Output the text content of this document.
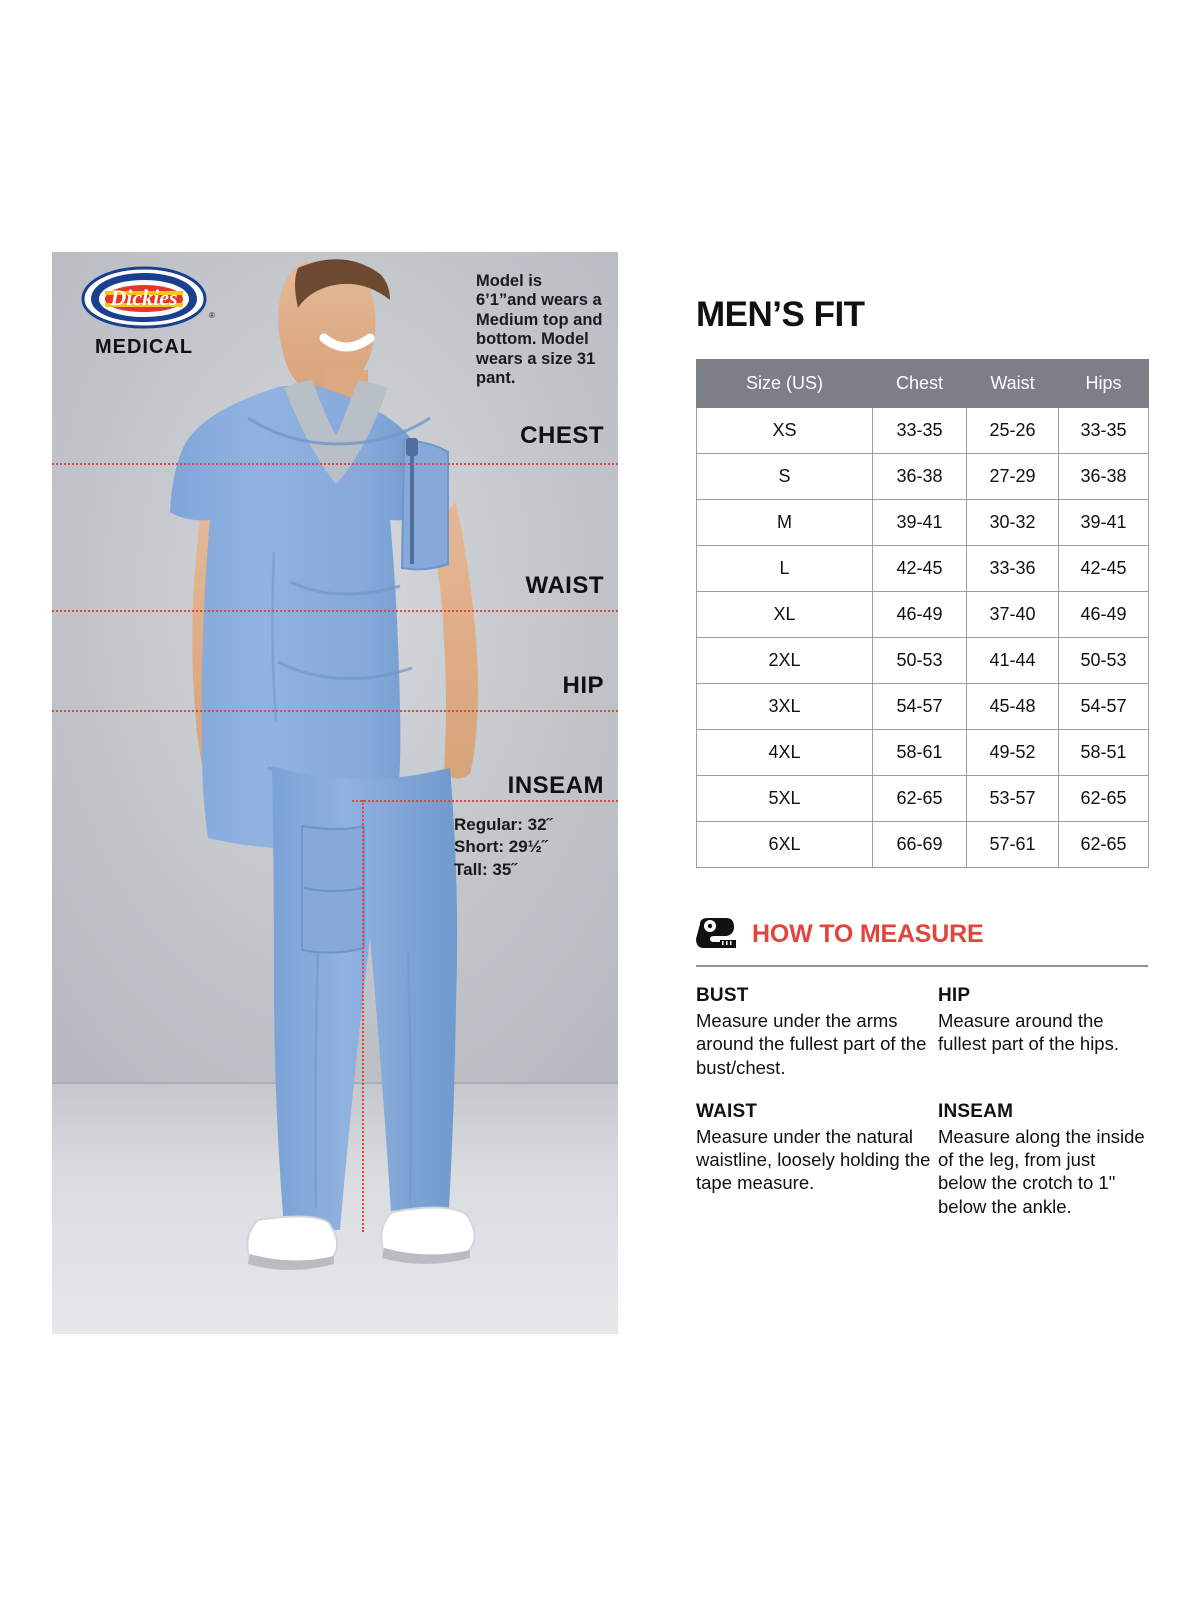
Dickies
®
MEDICAL
Model is 6’1”and wears a Medium top and bottom. Model wears a size 31 pant.
CHEST
WAIST
HIP
INSEAM
Regular: 32˝
Short: 29½˝
Tall: 35˝
MEN’S FIT
Size (US)	Chest	Waist	Hips
XS	33-35	25-26	33-35
S	36-38	27-29	36-38
M	39-41	30-32	39-41
L	42-45	33-36	42-45
XL	46-49	37-40	46-49
2XL	50-53	41-44	50-53
3XL	54-57	45-48	54-57
4XL	58-61	49-52	58-51
5XL	62-65	53-57	62-65
6XL	66-69	57-61	62-65
HOW TO MEASURE
BUST

Measure under the arms around the fullest part of the bust/chest.

HIP

Measure around the fullest part of the hips.

WAIST

Measure under the natural waistline, loosely holding the tape measure.

INSEAM

Measure along the inside of the leg, from just below the crotch to 1" below the ankle.
